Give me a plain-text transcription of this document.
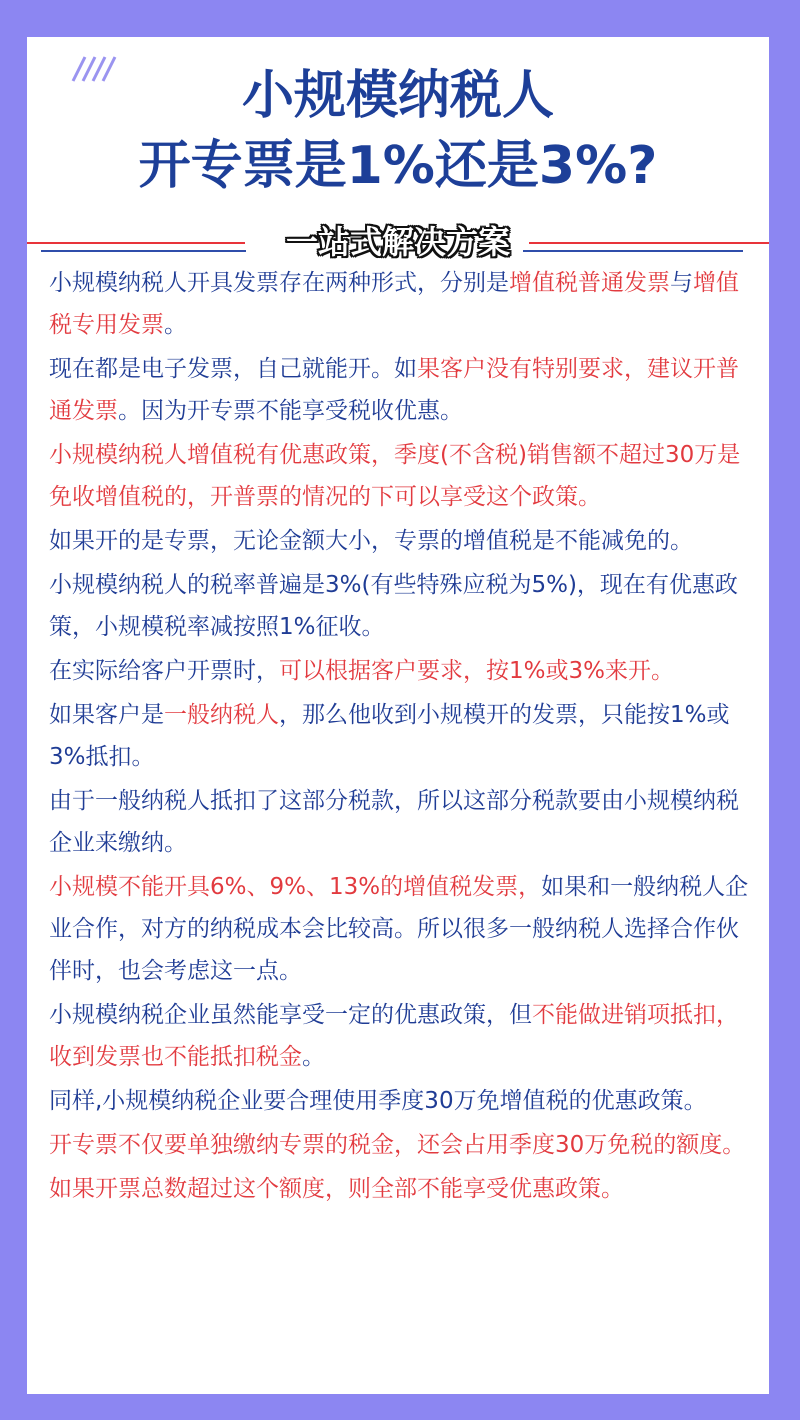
小规模纳税人
开专票是1%还是3%?
一站式解决方案

小规模纳税人开具发票存在两种形式，分别是增值税普通发票与增值税专用发票。

现在都是电子发票，自己就能开。如果客户没有特别要求，建议开普通发票。因为开专票不能享受税收优惠。

小规模纳税人增值税有优惠政策，季度(不含税)销售额不超过30万是免收增值税的，开普票的情况的下可以享受这个政策。

如果开的是专票，无论金额大小，专票的增值税是不能减免的。

小规模纳税人的税率普遍是3%(有些特殊应税为5%)，现在有优惠政策，小规模税率减按照1%征收。

在实际给客户开票时，可以根据客户要求，按1%或3%来开。

如果客户是一般纳税人，那么他收到小规模开的发票，只能按1%或3%抵扣。

由于一般纳税人抵扣了这部分税款，所以这部分税款要由小规模纳税企业来缴纳。

小规模不能开具6%、9%、13%的增值税发票，如果和一般纳税人企业合作，对方的纳税成本会比较高。所以很多一般纳税人选择合作伙伴时，也会考虑这一点。

小规模纳税企业虽然能享受一定的优惠政策，但不能做进销项抵扣，收到发票也不能抵扣税金。

同样,小规模纳税企业要合理使用季度30万免增值税的优惠政策。

开专票不仅要单独缴纳专票的税金，还会占用季度30万免税的额度。

如果开票总数超过这个额度，则全部不能享受优惠政策。
